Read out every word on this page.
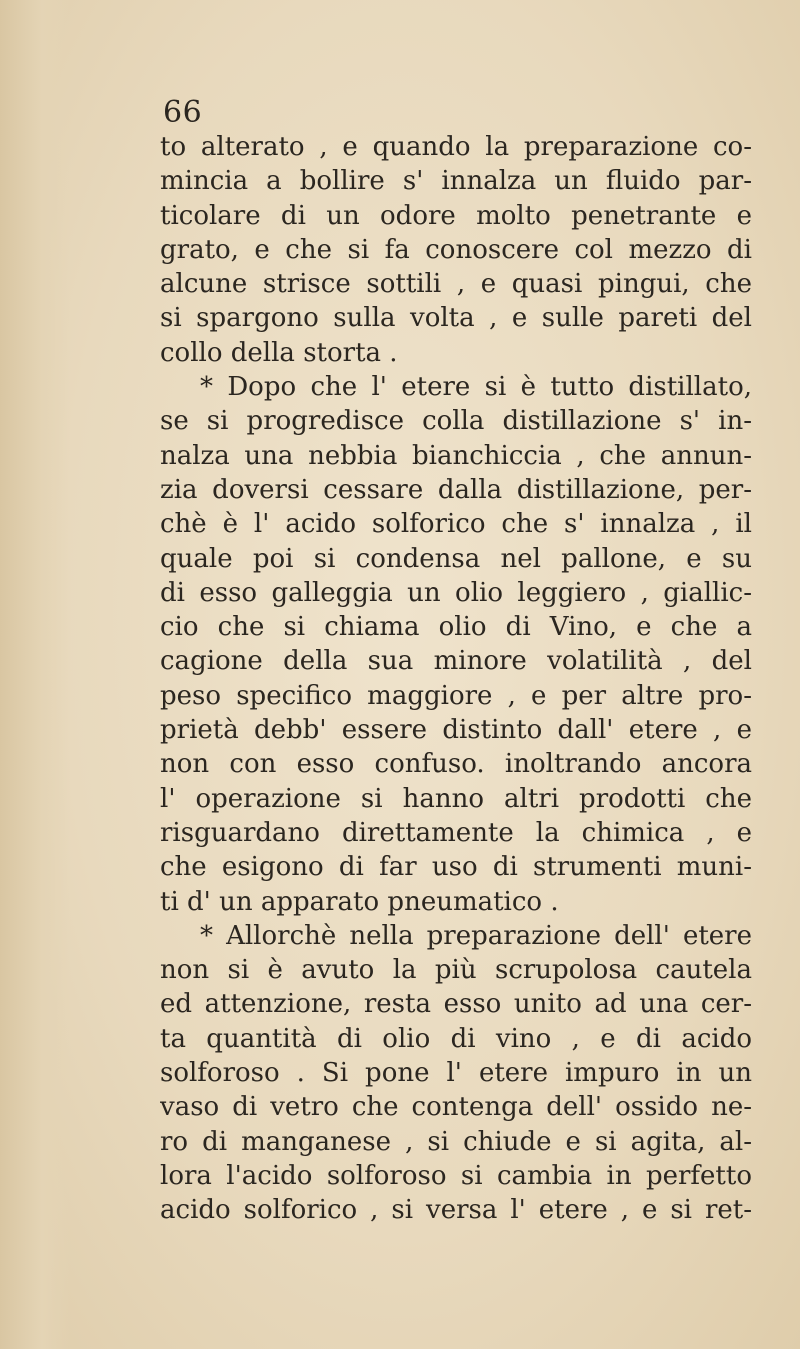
66
to alterato , e quando la preparazione co-
mincia a bollire s' innalza un fluido par-
ticolare di un odore molto penetrante e
grato, e che si fa conoscere col mezzo di
alcune strisce sottili , e quasi pingui, che
si spargono sulla volta , e sulle pareti del
collo della storta .
* Dopo che l' etere si è tutto distillato,
se si progredisce colla distillazione s' in-
nalza una nebbia bianchiccia , che annun-
zia doversi cessare dalla distillazione, per-
chè è l' acido solforico che s' innalza , il
quale poi si condensa nel pallone, e su
di esso galleggia un olio leggiero , giallic-
cio che si chiama olio di Vino, e che a
cagione della sua minore volatilità , del
peso specifico maggiore , e per altre pro-
prietà debb' essere distinto dall' etere , e
non con esso confuso. inoltrando ancora
l' operazione si hanno altri prodotti che
risguardano direttamente la chimica , e
che esigono di far uso di strumenti muni-
ti d' un apparato pneumatico .
* Allorchè nella preparazione dell' etere
non si è avuto la più scrupolosa cautela
ed attenzione, resta esso unito ad una cer-
ta quantità di olio di vino , e di acido
solforoso . Si pone l' etere impuro in un
vaso di vetro che contenga dell' ossido ne-
ro di manganese , si chiude e si agita, al-
lora l'acido solforoso si cambia in perfetto
acido solforico , si versa l' etere , e si ret-
